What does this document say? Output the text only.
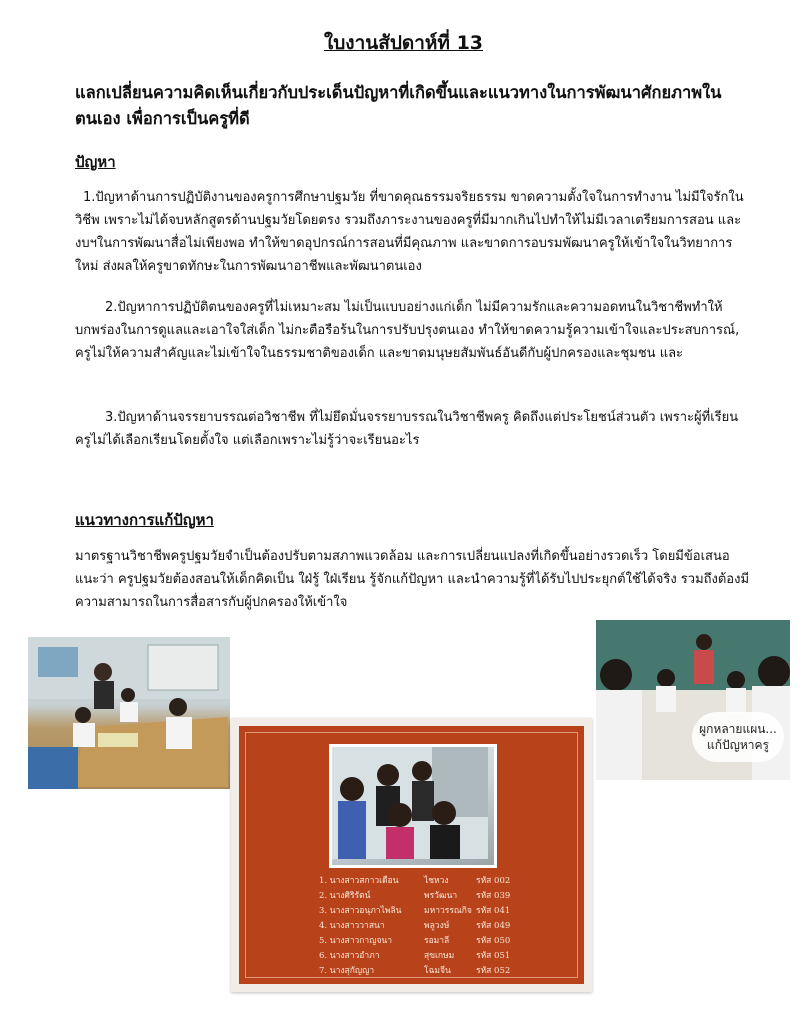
ใบงานสัปดาห์ที่ 13

แลกเปลี่ยนความคิดเห็นเกี่ยวกับประเด็นปัญหาที่เกิดขึ้นและแนวทางในการพัฒนาศักยภาพในตนเอง เพื่อการเป็นครูที่ดี

ปัญหา

1.ปัญหาด้านการปฏิบัติงานของครูการศึกษาปฐมวัย ที่ขาดคุณธรรมจริยธรรม ขาดความตั้งใจในการทำงาน ไม่มีใจรักในวิชีพ เพราะไม่ได้จบหลักสูตรด้านปฐมวัยโดยตรง รวมถึงภาระงานของครูที่มีมากเกินไปทำให้ไม่มีเวลาเตรียมการสอน และงบฯในการพัฒนาสื่อไม่เพียงพอ ทำให้ขาดอุปกรณ์การสอนที่มีคุณภาพ และขาดการอบรมพัฒนาครูให้เข้าใจในวิทยาการใหม่ ส่งผลให้ครูขาดทักษะในการพัฒนาอาชีพและพัฒนาตนเอง

2.ปัญหาการปฏิบัติตนของครูที่ไม่เหมาะสม ไม่เป็นแบบอย่างแก่เด็ก ไม่มีความรักและความอดทนในวิชาชีพทำให้บกพร่องในการดูแลและเอาใจใส่เด็ก ไม่กะตือรือร้นในการปรับปรุงตนเอง ทำให้ขาดความรู้ความเข้าใจและประสบการณ์, ครูไม่ให้ความสำคัญและไม่เข้าใจในธรรมชาติของเด็ก และขาดมนุษยสัมพันธ์อันดีกับผู้ปกครองและชุมชน และ

3.ปัญหาด้านจรรยาบรรณต่อวิชาชีพ ที่ไม่ยึดมั่นจรรยาบรรณในวิชาชีพครู คิดถึงแต่ประโยชน์ส่วนตัว เพราะผู้ที่เรียนครูไม่ได้เลือกเรียนโดยตั้งใจ แต่เลือกเพราะไม่รู้ว่าจะเรียนอะไร

แนวทางการแก้ปัญหา

มาตรฐานวิชาชีพครูปฐมวัยจำเป็นต้องปรับตามสภาพแวดล้อม และการเปลี่ยนแปลงที่เกิดขึ้นอย่างรวดเร็ว โดยมีข้อเสนอแนะว่า ครูปฐมวัยต้องสอนให้เด็กคิดเป็น ใฝ่รู้ ใฝ่เรียน รู้จักแก้ปัญหา และนำความรู้ที่ได้รับไปประยุกต์ใช้ได้จริง รวมถึงต้องมีความสามารถในการสื่อสารกับผู้ปกครองให้เข้าใจ

1. นางสาวสกาวเดือน	ไชหวง	รหัส 002
2. นางศิริรัตน์	พรวัฒนา	รหัส 039
3. นางสาวอนุภาไพลิน	มหาวรรณกิจ รหัส 041
4. นางสาววาสนา	พลูวงษ์	รหัส 049
5. นางสาวกาญจนา	รอมาลี	รหัส 050
6. นางสาวอำภา	สุขเกษม	รหัส 051
7. นางสุกัญญา	โฉมจีน	รหัส 052
ผูกหลายแผน...
แก้ปัญหาครู
